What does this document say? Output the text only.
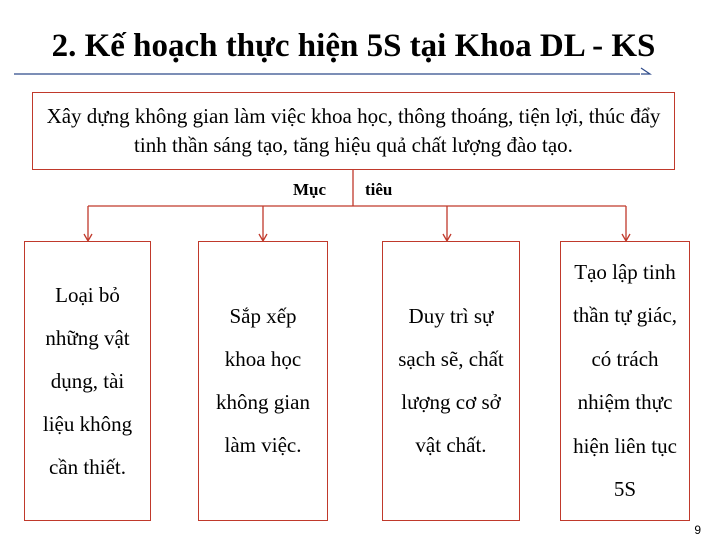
2. Kế hoạch thực hiện 5S tại Khoa DL - KS
Xây dựng không gian làm việc khoa học, thông thoáng, tiện lợi, thúc đẩy tinh thần sáng tạo, tăng hiệu quả chất lượng đào tạo.
Mục tiêu
Loại bỏ những vật dụng, tài liệu không cần thiết.
Sắp xếp khoa học không gian làm việc.
Duy trì sự sạch sẽ, chất lượng cơ sở vật chất.
Tạo lập tinh thần tự giác, có trách nhiệm thực hiện liên tục 5S
9
